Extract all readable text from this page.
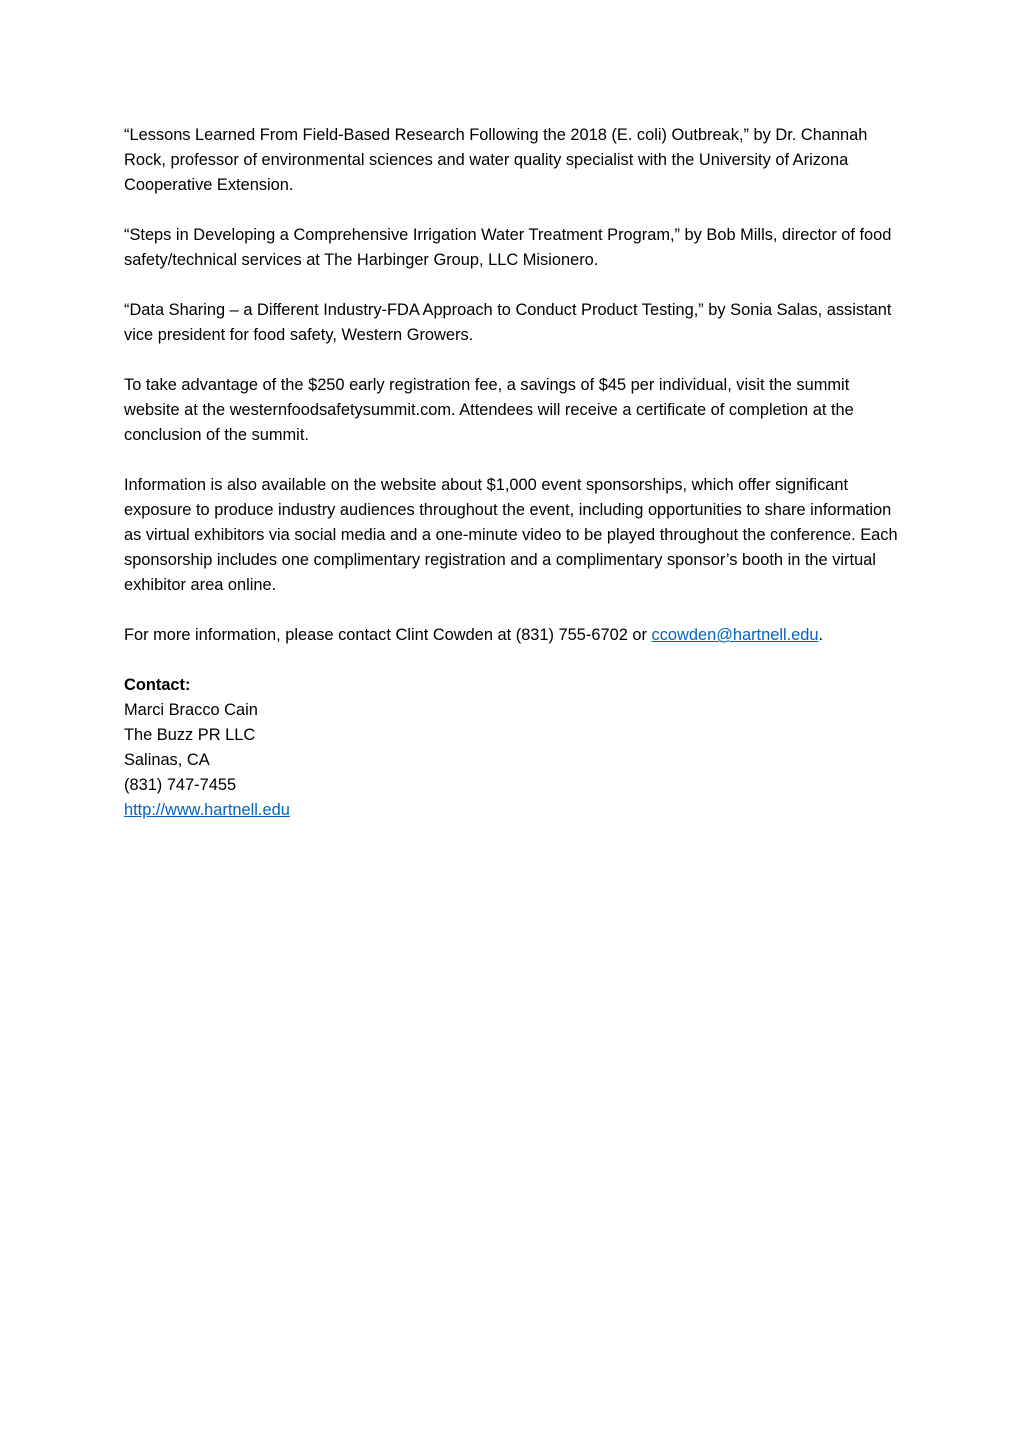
“Lessons Learned From Field-Based Research Following the 2018 (E. coli) Outbreak,” by Dr. Channah Rock, professor of environmental sciences and water quality specialist with the University of Arizona Cooperative Extension.

“Steps in Developing a Comprehensive Irrigation Water Treatment Program,” by Bob Mills, director of food safety/technical services at The Harbinger Group, LLC Misionero.

“Data Sharing – a Different Industry-FDA Approach to Conduct Product Testing,” by Sonia Salas, assistant vice president for food safety, Western Growers.

To take advantage of the $250 early registration fee, a savings of $45 per individual, visit the summit website at the westernfoodsafetysummit.com. Attendees will receive a certificate of completion at the conclusion of the summit.

Information is also available on the website about $1,000 event sponsorships, which offer significant exposure to produce industry audiences throughout the event, including opportunities to share information as virtual exhibitors via social media and a one-minute video to be played throughout the conference. Each sponsorship includes one complimentary registration and a complimentary sponsor’s booth in the virtual exhibitor area online.

For more information, please contact Clint Cowden at (831) 755-6702 or ccowden@hartnell.edu.

Contact:
Marci Bracco Cain
The Buzz PR LLC
Salinas, CA
(831) 747-7455
http://www.hartnell.edu
